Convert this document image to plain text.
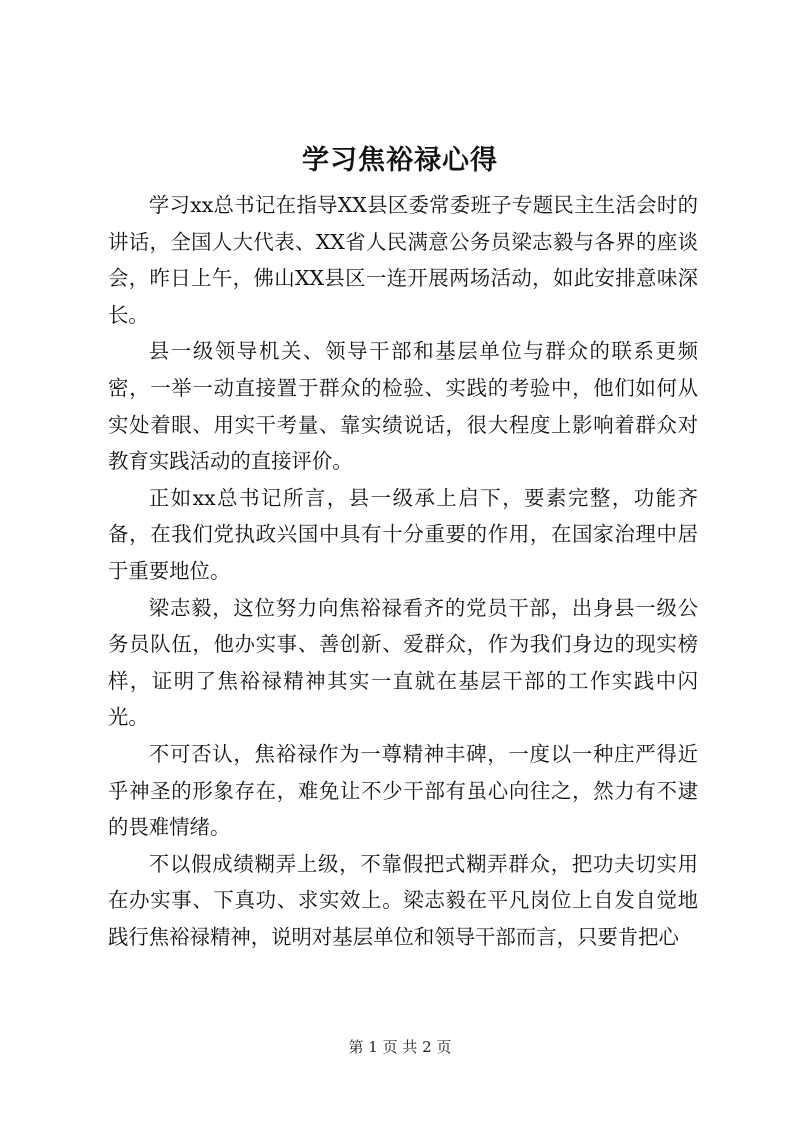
学习焦裕禄心得

学习xx总书记在指导XX县区委常委班子专题民主生活会时的讲话，全国人大代表、XX省人民满意公务员梁志毅与各界的座谈会，昨日上午，佛山XX县区一连开展两场活动，如此安排意味深长。

县一级领导机关、领导干部和基层单位与群众的联系更频密，一举一动直接置于群众的检验、实践的考验中，他们如何从实处着眼、用实干考量、靠实绩说话，很大程度上影响着群众对教育实践活动的直接评价。

正如xx总书记所言，县一级承上启下，要素完整，功能齐备，在我们党执政兴国中具有十分重要的作用，在国家治理中居于重要地位。

梁志毅，这位努力向焦裕禄看齐的党员干部，出身县一级公务员队伍，他办实事、善创新、爱群众，作为我们身边的现实榜样，证明了焦裕禄精神其实一直就在基层干部的工作实践中闪光。

不可否认，焦裕禄作为一尊精神丰碑，一度以一种庄严得近乎神圣的形象存在，难免让不少干部有虽心向往之，然力有不逮的畏难情绪。

不以假成绩糊弄上级，不靠假把式糊弄群众，把功夫切实用在办实事、下真功、求实效上。梁志毅在平凡岗位上自发自觉地践行焦裕禄精神，说明对基层单位和领导干部而言，只要肯把心

第 1 页 共 2 页
